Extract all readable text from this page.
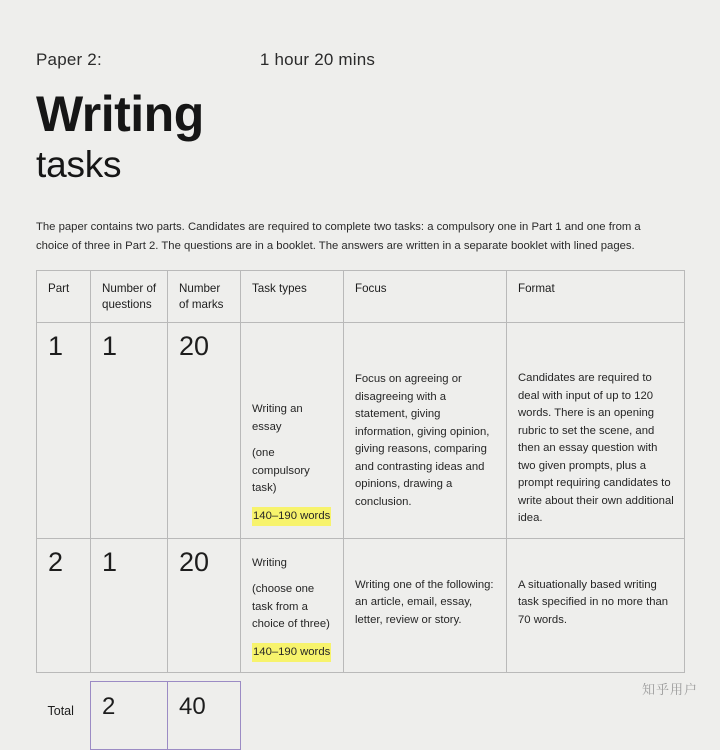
Paper 2:	1 hour 20 mins
Writing
tasks
The paper contains two parts. Candidates are required to complete two tasks: a compulsory one in Part 1 and one from a choice of three in Part 2. The questions are in a booklet. The answers are written in a separate booklet with lined pages.
Part	Number of questions	Number of marks	Task types	Focus	Format
1	1	20	Writing an essay
(one compulsory task)
140–190 words	Focus on agreeing or disagreeing with a statement, giving information, giving opinion, giving reasons, comparing and contrasting ideas and opinions, drawing a conclusion.	Candidates are required to deal with input of up to 120 words. There is an opening rubric to set the scene, and then an essay question with two given prompts, plus a prompt requiring candidates to write about their own additional idea.
2	1	20	Writing
(choose one task from a choice of three)
140–190 words	Writing one of the following: an article, email, essay, letter, review or story.	A situationally based writing task specified in no more than 70 words.

Total	2	40			
知乎用户
